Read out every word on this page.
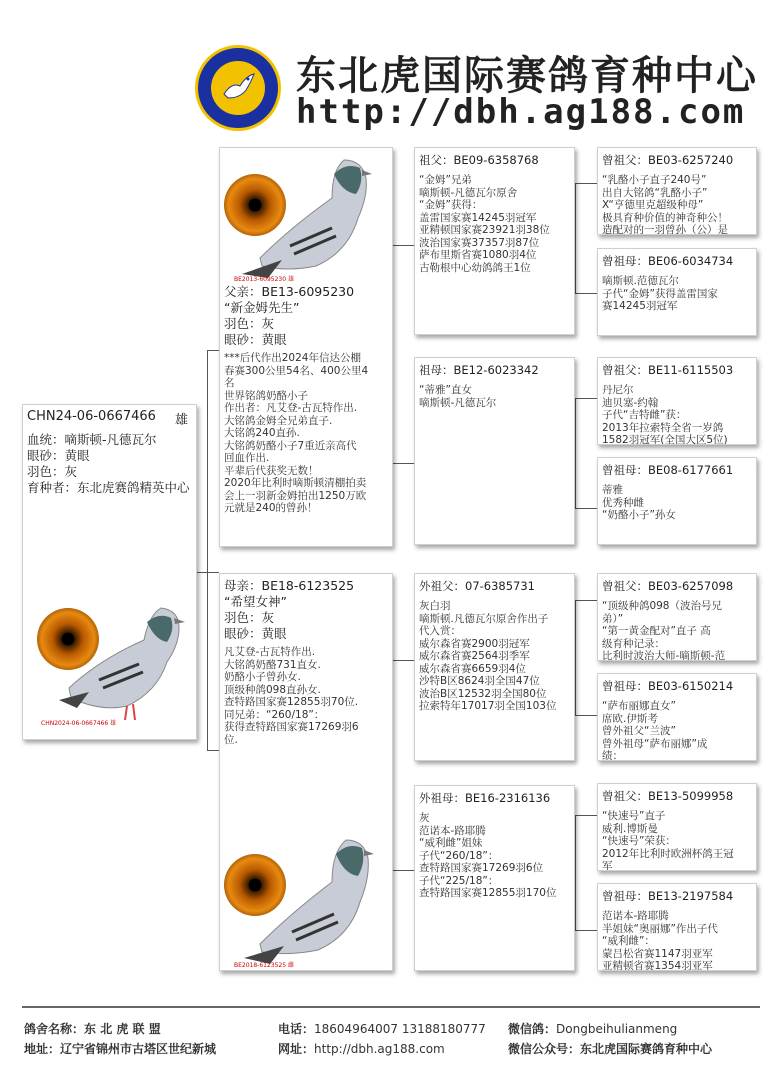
东北虎国际赛鸽育种中心
http://dbh.ag188.com
CHN24-06-0667466 雄
血统：嘀斯顿-凡德瓦尔
眼砂：黄眼
羽色：灰
育种者：东北虎赛鸽精英中心
CHN2024-06-0667466 雄
BE2013-6095230 雄
父亲：BE13-6095230
“新金姆先生”
羽色：灰
眼砂：黄眼
***后代作出2024年信达公棚
春赛300公里54名、400公里4
名
世界铭鸽奶酪小子
作出者：凡艾登-古瓦特作出.
大铭鸽金姆全兄弟直子.
大铭鸽240直孙.
大铭鸽奶酪小子7重近亲高代
回血作出.
平辈后代获奖无数！
2020年比利时嘀斯顿清棚拍卖
会上一羽新金姆拍出1250万欧
元就是240的曾孙！
母亲：BE18-6123525
“希望女神”
羽色：灰
眼砂：黄眼
凡艾登-古瓦特作出.
大铭鸽奶酪731直女.
奶酪小子曾孙女.
顶级种鸽098直孙女.
查特路国家赛12855羽70位.
同兄弟：“260/18”：
获得查特路国家赛17269羽6
位.
BE2018-6123525 雌
祖父：BE09-6358768
“金姆”兄弟
嘀斯顿-凡德瓦尔原舍
“金姆”获得：
盖雷国家赛14245羽冠军
亚精顿国家赛23921羽38位
波治国家赛37357羽87位
萨布里斯省赛1080羽4位
古勒根中心幼鸽鸽王1位
祖母：BE12-6023342
“蒂雅”直女
嘀斯顿-凡德瓦尔
外祖父：07-6385731
灰白羽
嘀斯顿.凡德瓦尔原舍作出子
代入赏：
威尔森省赛2900羽冠军
威尔森省赛2564羽季军
威尔森省赛6659羽4位
沙特B区8624羽全国47位
波治B区12532羽全国80位
拉索特年17017羽全国103位
外祖母：BE16-2316136
灰
范诺本-路耶腾
“威利雌”姐妹
子代“260/18”：
查特路国家赛17269羽6位
子代“225/18”：
查特路国家赛12855羽170位
曾祖父：BE03-6257240
“乳酪小子直子240号”
出自大铭鸽“乳酪小子”
X“亨德里克超级种母”
极具育种价值的神奇种公！
造配对的一羽曾孙（公）是
曾祖母：BE06-6034734
嘀斯顿.范德瓦尔
子代“金姆”获得盖雷国家
赛14245羽冠军
曾祖父：BE11-6115503
丹尼尔
迪贝塞-约翰
子代“吉特雌”获：
2013年拉索特全省一岁鸽
1582羽冠军(全国大区5位)
曾祖母：BE08-6177661
蒂雅
优秀种雌
“奶酪小子”孙女
曾祖父：BE03-6257098
“顶级种鸽098（波治号兄
弟）”
“第一黄金配对”直子 高
级育种记录：
比利时波治大师-嘀斯顿-范
曾祖母：BE03-6150214
“萨布丽娜直女”
席欧.伊斯考
曾外祖父“兰波”
曾外祖母“萨布丽娜”成
绩：
曾祖父：BE13-5099958
“快速号”直子
威利.博斯曼
“快速号”荣获：
2012年比利时欧洲杯鸽王冠
军
曾祖母：BE13-2197584
范诺本-路耶腾
半姐妹“奥丽娜”作出子代
“威利雌”：
蒙吕松省赛1147羽亚军
亚精顿省赛1354羽亚军
鸽舍名称：东 北 虎 联 盟	电话：18604964007 13188180777 微信鸽：Dongbeihulianmeng
地址：辽宁省锦州市古塔区世纪新城	网址：http://dbh.ag188.com	微信公众号：东北虎国际赛鸽育种中心
